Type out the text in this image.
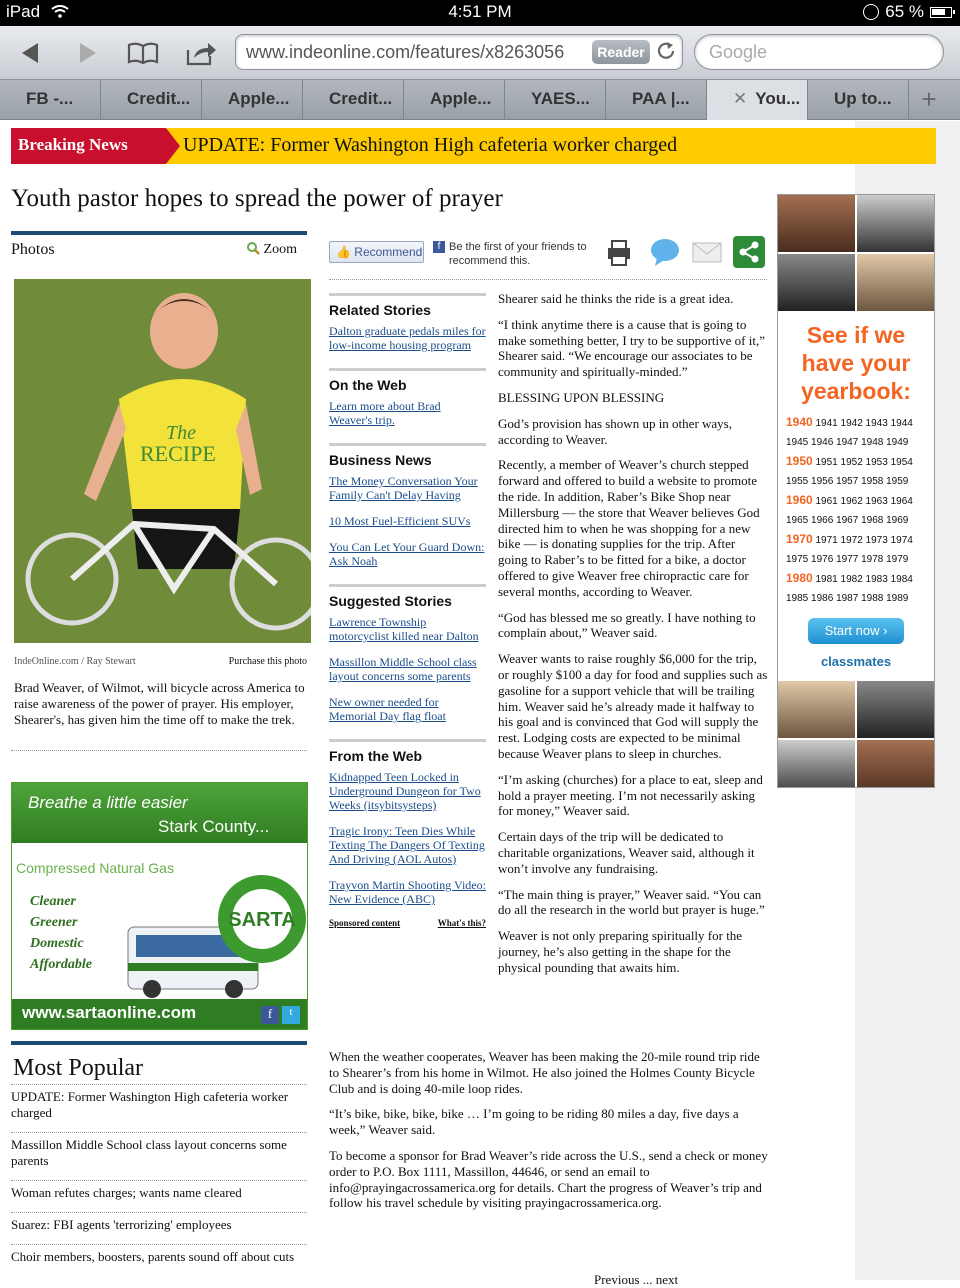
iPad	4:51 PM	65 %
www.indeonline.com/features/x8263056	Reader	Google
FB -...	Credit...	Apple...	Credit...	Apple...	YAES...	PAA |...	✕ You...	Up to...	+
Breaking News	UPDATE: Former Washington High cafeteria worker charged
Youth pastor hopes to spread the power of prayer
Photos	Zoom
The
RECIPE
IndeOnline.com / Ray Stewart	Purchase this photo
Brad Weaver, of Wilmot, will bicycle across America to raise awareness of the power of prayer. His employer, Shearer's, has given him the time off to make the trek.
Breathe a little easier
Stark County...
Compressed Natural Gas
Cleaner
Greener
Domestic
Affordable
SARTA
www.sartaonline.com	f	t
Most Popular
UPDATE: Former Washington High cafeteria worker charged
Massillon Middle School class layout concerns some parents
Woman refutes charges; wants name cleared
Suarez: FBI agents 'terrorizing' employees
Choir members, boosters, parents sound off about cuts
👍 Recommend	f Be the first of your friends to recommend this.
Related Stories
Dalton graduate pedals miles for low-income housing program
On the Web
Learn more about Brad Weaver's trip.
Business News
The Money Conversation Your Family Can't Delay Having
10 Most Fuel-Efficient SUVs
You Can Let Your Guard Down: Ask Noah
Suggested Stories
Lawrence Township motorcyclist killed near Dalton
Massillon Middle School class layout concerns some parents
New owner needed for Memorial Day flag float
From the Web
Kidnapped Teen Locked in Underground Dungeon for Two Weeks (itsybitsysteps)
Tragic Irony: Teen Dies While Texting The Dangers Of Texting And Driving (AOL Autos)
Trayvon Martin Shooting Video: New Evidence (ABC)
Sponsored content	What's this?

Shearer said he thinks the ride is a great idea.

“I think anytime there is a cause that is going to make something better, I try to be supportive of it,” Shearer said. “We encourage our associates to be community and spiritually-minded.”

BLESSING UPON BLESSING

God’s provision has shown up in other ways, according to Weaver.

Recently, a member of Weaver’s church stepped forward and offered to build a website to promote the ride. In addition, Raber’s Bike Shop near Millersburg — the store that Weaver believes God directed him to when he was shopping for a new bike — is donating supplies for the trip. After going to Raber’s to be fitted for a bike, a doctor offered to give Weaver free chiropractic care for several months, according to Weaver.

“God has blessed me so greatly. I have nothing to complain about,” Weaver said.

Weaver wants to raise roughly $6,000 for the trip, or roughly $100 a day for food and supplies such as gasoline for a support vehicle that will be trailing him. Weaver said he’s already made it halfway to his goal and is convinced that God will supply the rest. Lodging costs are expected to be minimal because Weaver plans to sleep in churches.

“I’m asking (churches) for a place to eat, sleep and hold a prayer meeting. I’m not necessarily asking for money,” Weaver said.

Certain days of the trip will be dedicated to charitable organizations, Weaver said, although it won’t involve any fundraising.

“The main thing is prayer,” Weaver said. “You can do all the research in the world but prayer is huge.”

Weaver is not only preparing spiritually for the journey, he’s also getting in the shape for the physical pounding that awaits him.

When the weather cooperates, Weaver has been making the 20-mile round trip ride to Shearer’s from his home in Wilmot. He also joined the Holmes County Bicycle Club and is doing 40-mile loop rides.

“It’s bike, bike, bike, bike … I’m going to be riding 80 miles a day, five days a week,” Weaver said.

To become a sponsor for Brad Weaver’s ride across the U.S., send a check or money order to P.O. Box 1111, Massillon, 44646, or send an email to info@prayingacrossamerica.org for details. Chart the progress of Weaver’s trip and follow his travel schedule by visiting prayingacrossamerica.org.

Previous ... next
See if we have your yearbook:
1940 1941 1942 1943 1944
1945 1946 1947 1948 1949
1950 1951 1952 1953 1954
1955 1956 1957 1958 1959
1960 1961 1962 1963 1964
1965 1966 1967 1968 1969
1970 1971 1972 1973 1974
1975 1976 1977 1978 1979
1980 1981 1982 1983 1984
1985 1986 1987 1988 1989
Start now ›
classmates
